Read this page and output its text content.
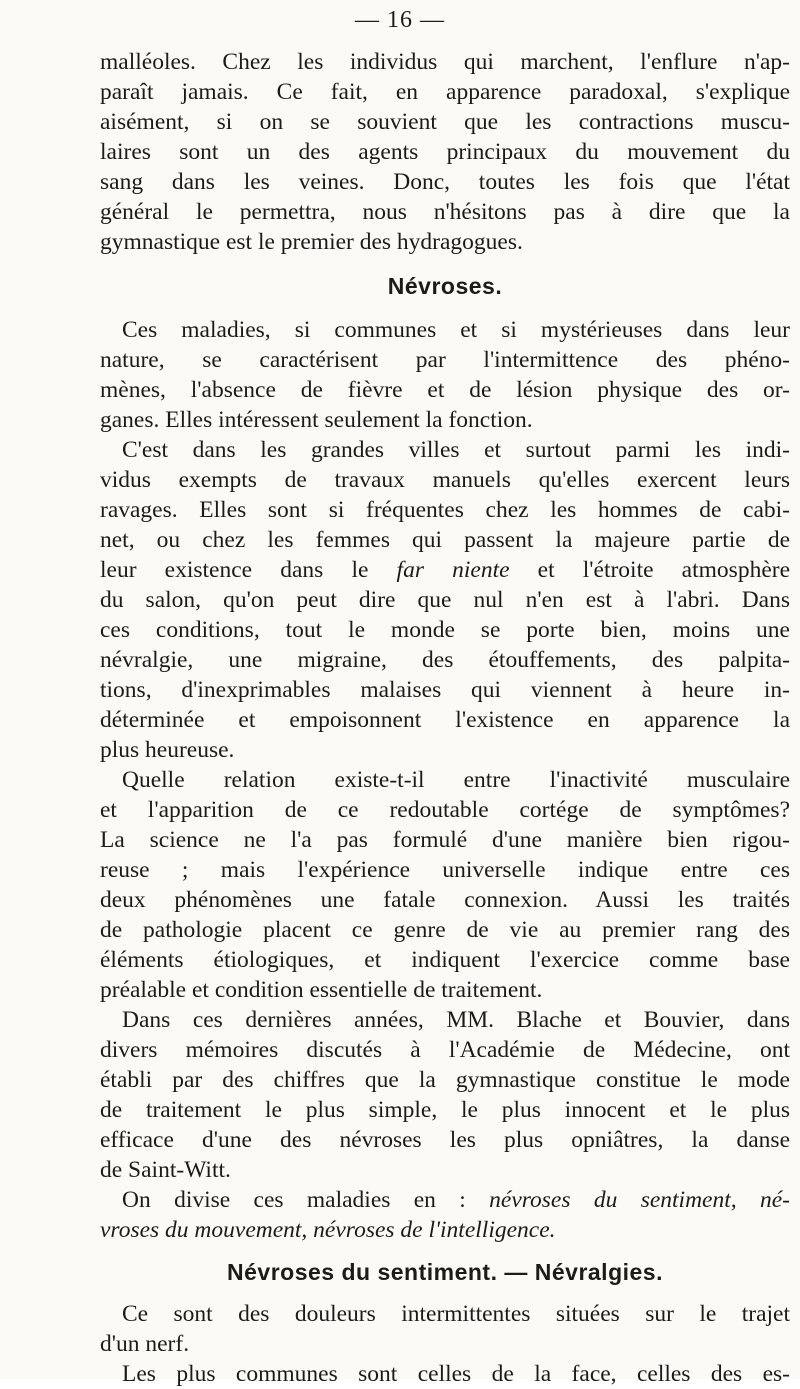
— 16 —
malléoles. Chez les individus qui marchent, l'enflure n'ap-
paraît jamais. Ce fait, en apparence paradoxal, s'explique
aisément, si on se souvient que les contractions muscu-
laires sont un des agents principaux du mouvement du
sang dans les veines. Donc, toutes les fois que l'état
général le permettra, nous n'hésitons pas à dire que la
gymnastique est le premier des hydragogues.
Névroses.
Ces maladies, si communes et si mystérieuses dans leur
nature, se caractérisent par l'intermittence des phéno-
mènes, l'absence de fièvre et de lésion physique des or-
ganes. Elles intéressent seulement la fonction.
C'est dans les grandes villes et surtout parmi les indi-
vidus exempts de travaux manuels qu'elles exercent leurs
ravages. Elles sont si fréquentes chez les hommes de cabi-
net, ou chez les femmes qui passent la majeure partie de
leur existence dans le far niente et l'étroite atmosphère
du salon, qu'on peut dire que nul n'en est à l'abri. Dans
ces conditions, tout le monde se porte bien, moins une
névralgie, une migraine, des étouffements, des palpita-
tions, d'inexprimables malaises qui viennent à heure in-
déterminée et empoisonnent l'existence en apparence la
plus heureuse.
Quelle relation existe-t-il entre l'inactivité musculaire
et l'apparition de ce redoutable cortége de symptômes?
La science ne l'a pas formulé d'une manière bien rigou-
reuse ; mais l'expérience universelle indique entre ces
deux phénomènes une fatale connexion. Aussi les traités
de pathologie placent ce genre de vie au premier rang des
éléments étiologiques, et indiquent l'exercice comme base
préalable et condition essentielle de traitement.
Dans ces dernières années, MM. Blache et Bouvier, dans
divers mémoires discutés à l'Académie de Médecine, ont
établi par des chiffres que la gymnastique constitue le mode
de traitement le plus simple, le plus innocent et le plus
efficace d'une des névroses les plus opniâtres, la danse
de Saint-Witt.
On divise ces maladies en : névroses du sentiment, né-
vroses du mouvement, névroses de l'intelligence.
Névroses du sentiment. — Névralgies.
Ce sont des douleurs intermittentes situées sur le trajet
d'un nerf.
Les plus communes sont celles de la face, celles des es-
